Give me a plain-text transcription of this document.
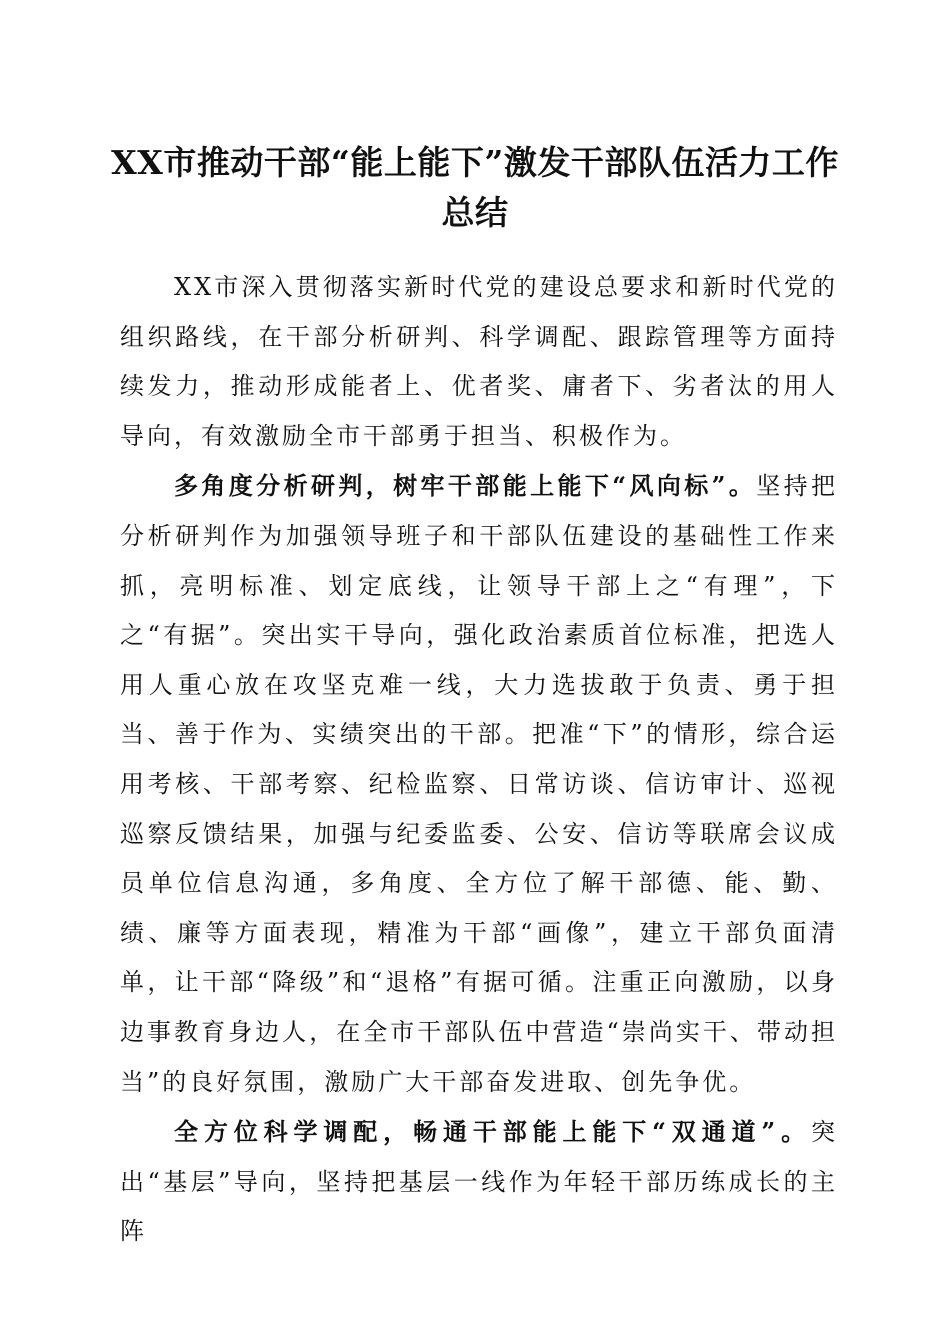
XX市推动干部“能上能下”激发干部队伍活力工作总结

XX市深入贯彻落实新时代党的建设总要求和新时代党的组织路线，在干部分析研判、科学调配、跟踪管理等方面持续发力，推动形成能者上、优者奖、庸者下、劣者汰的用人导向，有效激励全市干部勇于担当、积极作为。

多角度分析研判，树牢干部能上能下“风向标”。坚持把分析研判作为加强领导班子和干部队伍建设的基础性工作来抓，亮明标准、划定底线，让领导干部上之“有理”，下之“有据”。突出实干导向，强化政治素质首位标准，把选人用人重心放在攻坚克难一线，大力选拔敢于负责、勇于担当、善于作为、实绩突出的干部。把准“下”的情形，综合运用考核、干部考察、纪检监察、日常访谈、信访审计、巡视巡察反馈结果，加强与纪委监委、公安、信访等联席会议成员单位信息沟通，多角度、全方位了解干部德、能、勤、绩、廉等方面表现，精准为干部“画像”，建立干部负面清单，让干部“降级”和“退格”有据可循。注重正向激励，以身边事教育身边人，在全市干部队伍中营造“崇尚实干、带动担当”的良好氛围，激励广大干部奋发进取、创先争优。

全方位科学调配，畅通干部能上能下“双通道”。突出“基层”导向，坚持把基层一线作为年轻干部历练成长的主阵
